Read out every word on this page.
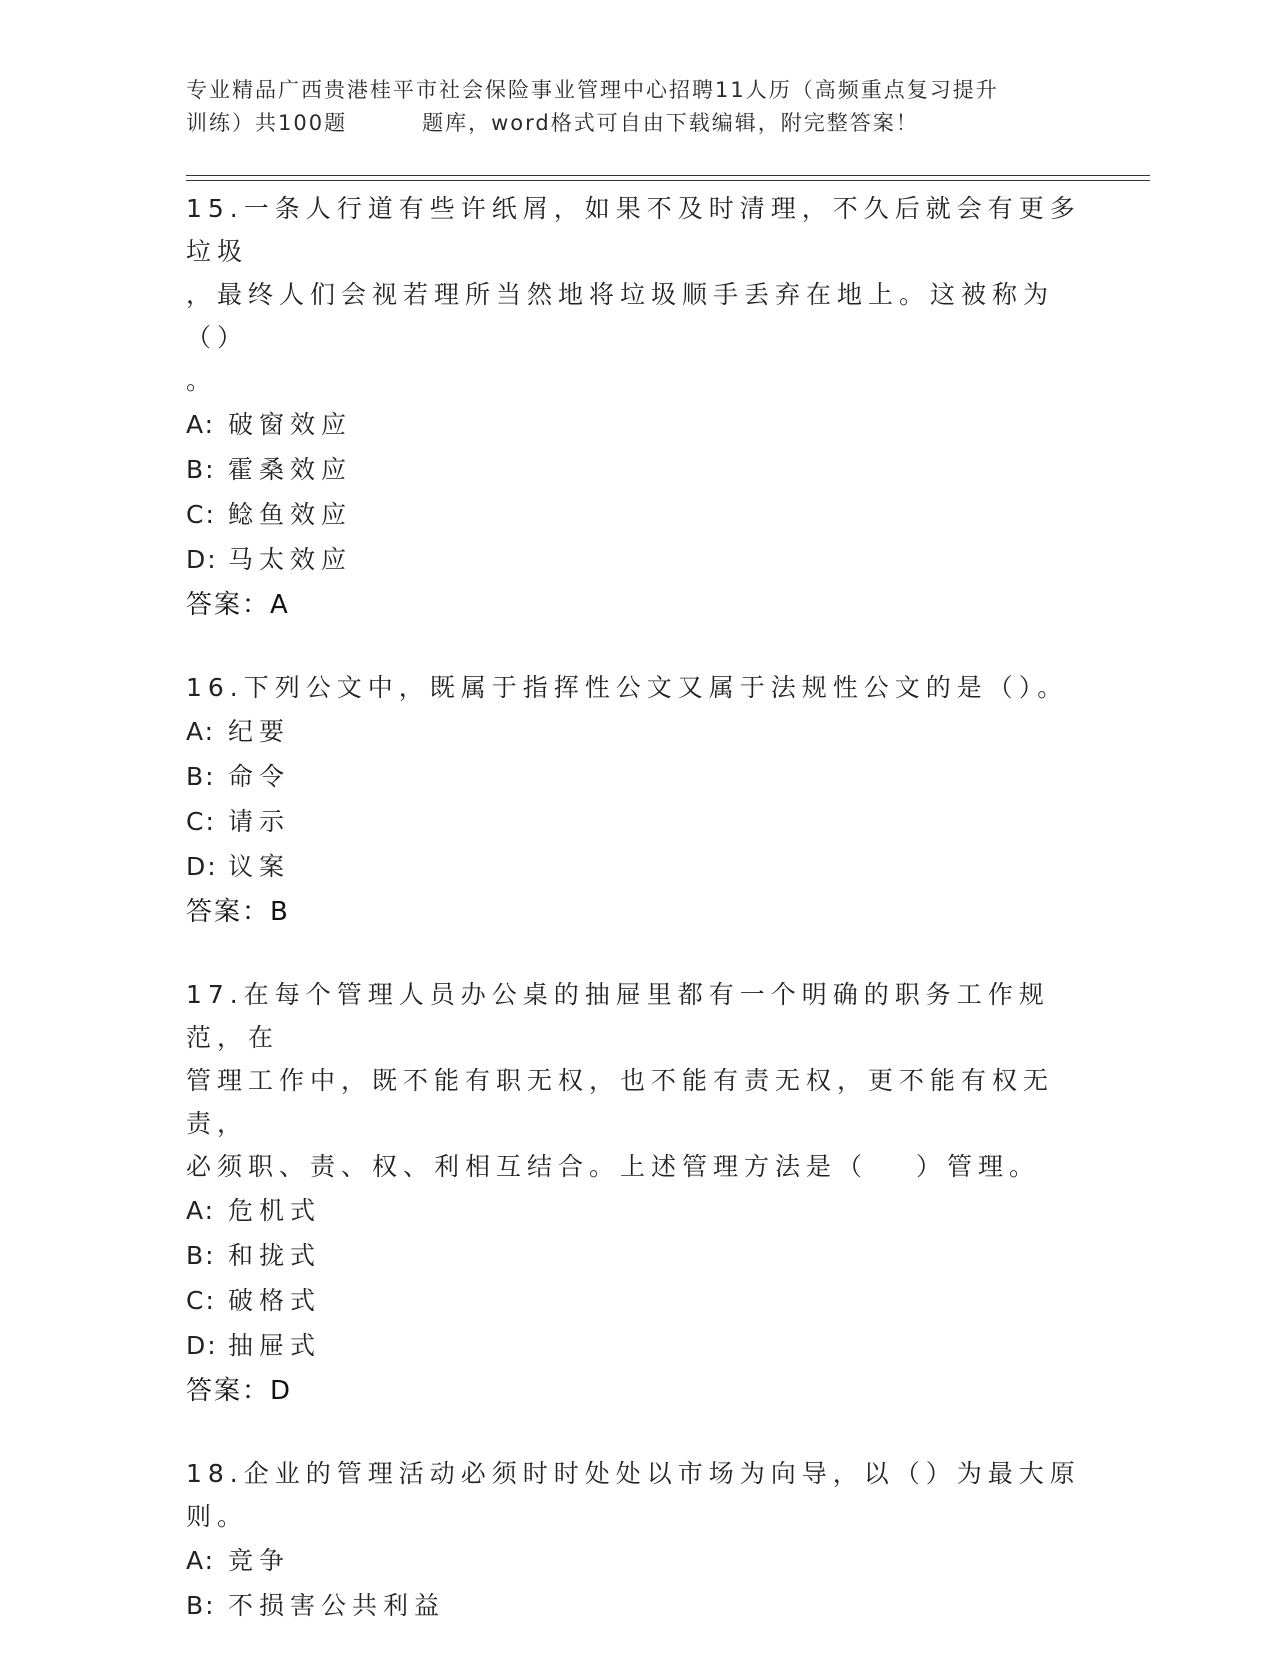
专业精品广西贵港桂平市社会保险事业管理中心招聘11人历（高频重点复习提升
训练）共100题	题库，word格式可自由下载编辑，附完整答案！

15.一条人行道有些许纸屑，如果不及时清理，不久后就会有更多垃圾

，最终人们会视若理所当然地将垃圾顺手丢弃在地上。这被称为（）

。

A: 破窗效应

B: 霍桑效应

C: 鲶鱼效应

D: 马太效应

答案：A

16.下列公文中，既属于指挥性公文又属于法规性公文的是（）。

A: 纪要

B: 命令

C: 请示

D: 议案

答案：B

17.在每个管理人员办公桌的抽屉里都有一个明确的职务工作规范，在

管理工作中，既不能有职无权，也不能有责无权，更不能有权无责，

必须职、责、权、利相互结合。上述管理方法是（ ）管理。

A: 危机式

B: 和拢式

C: 破格式

D: 抽屉式

答案：D

18.企业的管理活动必须时时处处以市场为向导，以（）为最大原则。

A: 竞争

B: 不损害公共利益
